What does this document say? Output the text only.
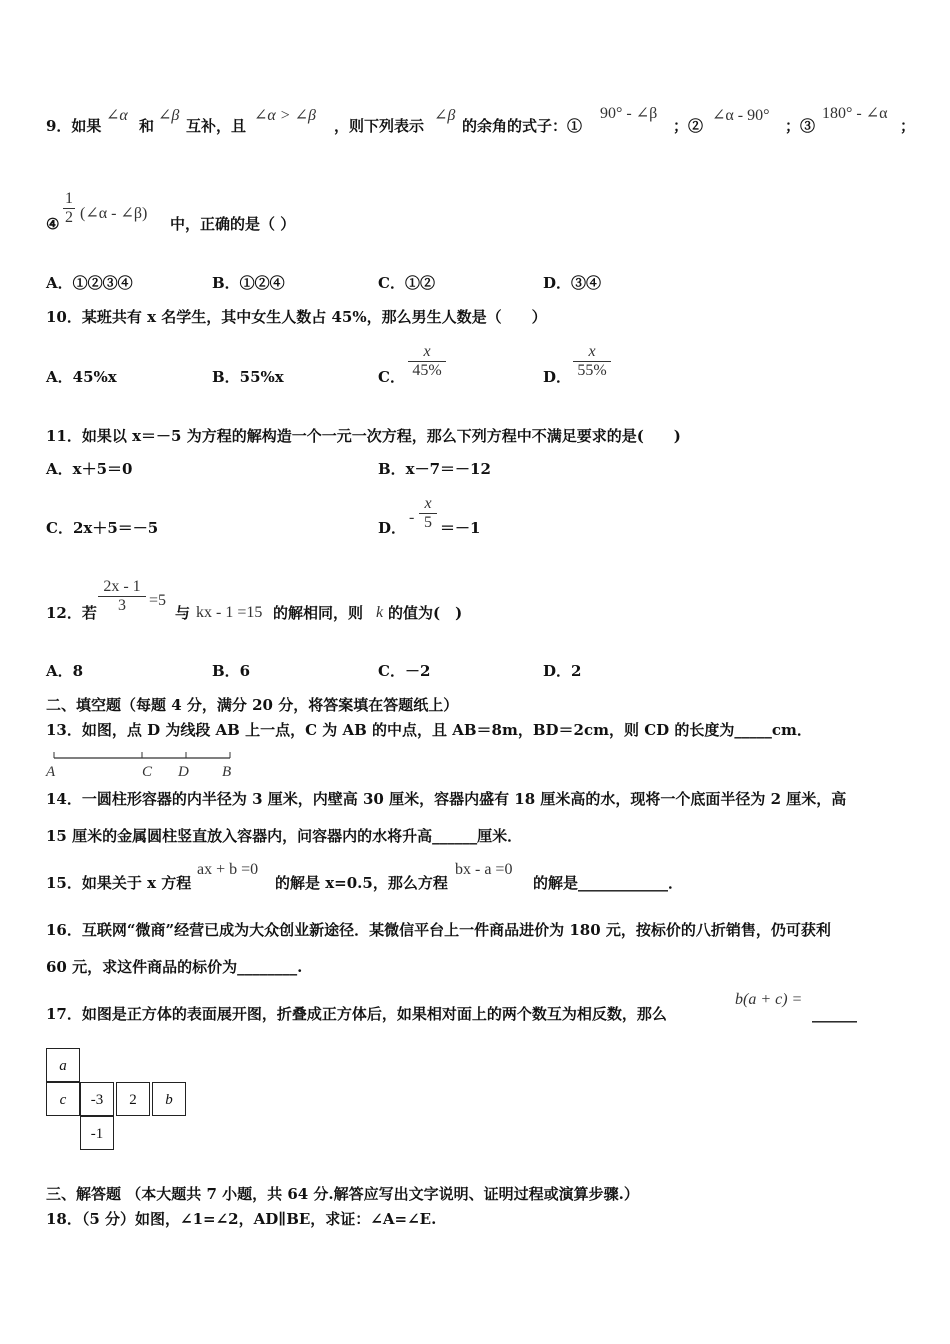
9．如果
∠α
和
∠β
互补，且
∠α > ∠β
，则下列表示
∠β
的余角的式子：①
90° - ∠β
；②
∠α - 90°
；③
180° - ∠α
；
④
1
2 (∠α - ∠β)
中，正确的是（ ）
A．①②③④	B．①②④	C．①②	D．③④
10．某班共有 x 名学生，其中女生人数占 45%，那么男生人数是（　　）
A．45%x	B．55%x	C．
x
45%	D．
x
55%
11．如果以 x＝－5 为方程的解构造一个一元一次方程，那么下列方程中不满足要求的是(　　)
A．x＋5＝0	B．x－7＝－12
C．2x＋5＝－5	D．
-
x
5 ＝－1
12．若
2x - 1
3	=5
与 kx - 1 =15 的解相同，则 k 的值为(　)
A．8	B．6	C．－2	D．2
二、填空题（每题 4 分，满分 20 分，将答案填在答题纸上）
13．如图，点 D 为线段 AB 上一点，C 为 AB 的中点，且 AB＝8m，BD＝2cm，则 CD 的长度为_____cm．
A	C D B
14．一圆柱形容器的内半径为 3 厘米，内壁高 30 厘米，容器内盛有 18 厘米高的水，现将一个底面半径为 2 厘米，高
15 厘米的金属圆柱竖直放入容器内，问容器内的水将升高______厘米．
15．如果关于 x 方程
ax + b =0
的解是 x=0.5，那么方程
bx - a =0
的解是____________．
16．互联网“微商”经营已成为大众创业新途径．某微信平台上一件商品进价为 180 元，按标价的八折销售，仍可获利
60 元，求这件商品的标价为________.
17．如图是正方体的表面展开图，折叠成正方体后，如果相对面上的两个数互为相反数，那么
b(a + c) =
______
a
c	-3	2	b
-1
三、解答题 （本大题共 7 小题，共 64 分.解答应写出文字说明、证明过程或演算步骤.）
18．（5 分）如图，∠1=∠2，AD∥BE，求证：∠A=∠E.
